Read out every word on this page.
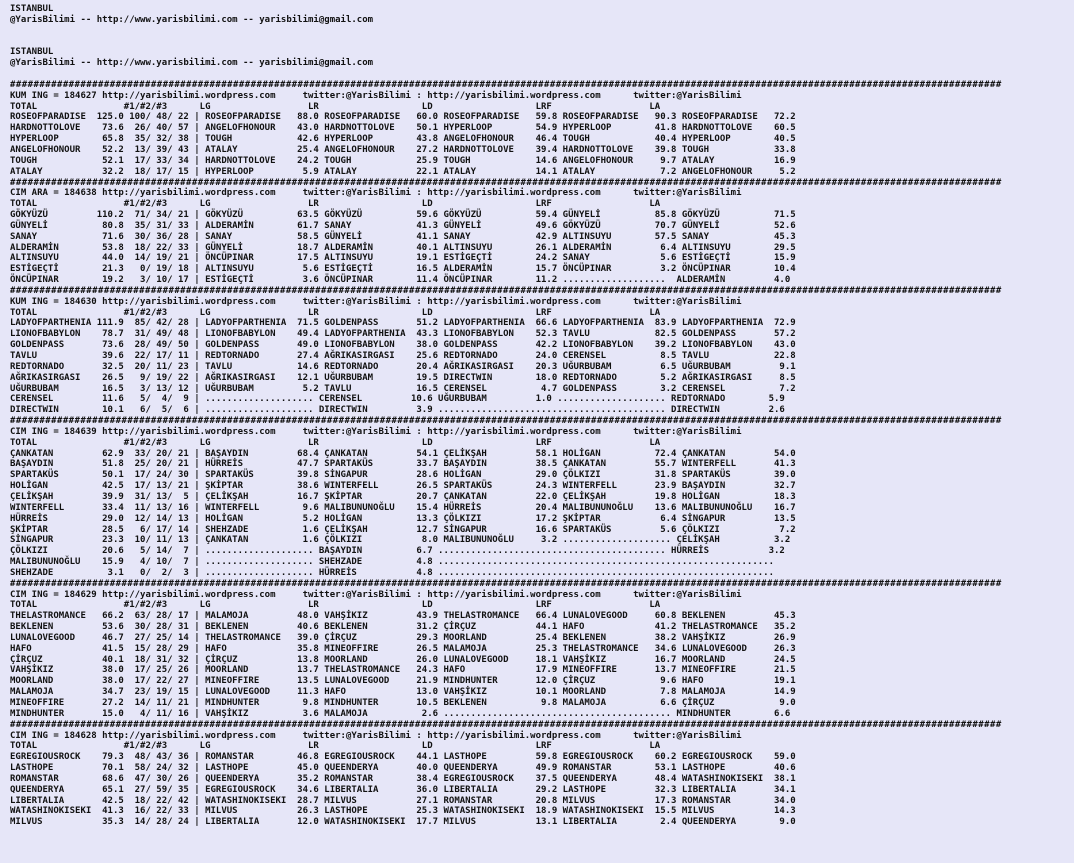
ISTANBUL
@YarisBilimi -- http://www.yarisbilimi.com -- yarisbilimi@gmail.com
ISTANBUL
@YarisBilimi -- http://www.yarisbilimi.com -- yarisbilimi@gmail.com
#########################################################################################################################################################################
KUM ING = 184627 http://yarisbilimi.wordpress.com     twitter:@YarisBilimi : http://yarisbilimi.wordpress.com      twitter:@YarisBilimi
TOTAL                #1/#2/#3      LG                  LR                   LD                   LRF                  LA
ROSEOFPARADISE  125.0 100/ 48/ 22 | ROSEOFPARADISE   88.0 ROSEOFPARADISE   60.0 ROSEOFPARADISE   59.8 ROSEOFPARADISE   90.3 ROSEOFPARADISE   72.2
HARDNOTTOLOVE    73.6  26/ 40/ 57 | ANGELOFHONOUR    43.0 HARDNOTTOLOVE    50.1 HYPERLOOP        54.9 HYPERLOOP        41.8 HARDNOTTOLOVE    60.5
HYPERLOOP        65.8  35/ 32/ 38 | TOUGH            42.6 HYPERLOOP        43.8 ANGELOFHONOUR    46.4 TOUGH            40.4 HYPERLOOP        40.5
ANGELOFHONOUR    52.2  13/ 39/ 43 | ATALAY           25.4 ANGELOFHONOUR    27.2 HARDNOTTOLOVE    39.4 HARDNOTTOLOVE    39.8 TOUGH            33.8
TOUGH            52.1  17/ 33/ 34 | HARDNOTTOLOVE    24.2 TOUGH            25.9 TOUGH            14.6 ANGELOFHONOUR     9.7 ATALAY           16.9
ATALAY           32.2  18/ 17/ 15 | HYPERLOOP         5.9 ATALAY           22.1 ATALAY           14.1 ATALAY            7.2 ANGELOFHONOUR     5.2
#########################################################################################################################################################################
CIM ARA = 184638 http://yarisbilimi.wordpress.com     twitter:@YarisBilimi : http://yarisbilimi.wordpress.com      twitter:@YarisBilimi
TOTAL                #1/#2/#3      LG                  LR                   LD                   LRF                  LA
GÖKYÜZÜ         110.2  71/ 34/ 21 | GÖKYÜZÜ          63.5 GÖKYÜZÜ          59.6 GÖKYÜZÜ          59.4 GÜNYELİ          85.8 GÖKYÜZÜ          71.5
GÜNYELİ          80.8  35/ 31/ 33 | ALDERAMİN        61.7 SANAY            41.3 GÜNYELİ          49.6 GÖKYÜZÜ          70.7 GÜNYELİ          52.6
SANAY            71.6  30/ 36/ 28 | SANAY            58.5 GÜNYELİ          41.1 SANAY            42.9 ALTINSUYU        57.5 SANAY            45.3
ALDERAMİN        53.8  18/ 22/ 33 | GÜNYELİ          18.7 ALDERAMİN        40.1 ALTINSUYU        26.1 ALDERAMİN         6.4 ALTINSUYU        29.5
ALTINSUYU        44.0  14/ 19/ 21 | ÖNCÜPINAR        17.5 ALTINSUYU        19.1 ESTİGEÇTİ        24.2 SANAY             5.6 ESTİGEÇTİ        15.9
ESTİGEÇTİ        21.3   0/ 19/ 18 | ALTINSUYU         5.6 ESTİGEÇTİ        16.5 ALDERAMİN        15.7 ÖNCÜPINAR         3.2 ÖNCÜPINAR        10.4
ÖNCÜPINAR        19.2   3/ 10/ 17 | ESTİGEÇTİ         3.6 ÖNCÜPINAR        11.4 ÖNCÜPINAR        11.2 ...................  ALDERAMİN         4.0
#########################################################################################################################################################################
KUM ING = 184630 http://yarisbilimi.wordpress.com     twitter:@YarisBilimi : http://yarisbilimi.wordpress.com      twitter:@YarisBilimi
TOTAL                #1/#2/#3      LG                  LR                   LD                   LRF                  LA
LADYOFPARTHENIA 111.9  85/ 42/ 28 | LADYOFPARTHENIA  71.5 GOLDENPASS       51.2 LADYOFPARTHENIA  66.6 LADYOFPARTHENIA  83.9 LADYOFPARTHENIA  72.9
LIONOFBABYLON    78.7  31/ 49/ 48 | LIONOFBABYLON    49.4 LADYOFPARTHENIA  43.3 LIONOFBABYLON    52.3 TAVLU            82.5 GOLDENPASS       57.2
GOLDENPASS       73.6  28/ 49/ 50 | GOLDENPASS       49.0 LIONOFBABYLON    38.0 GOLDENPASS       42.2 LIONOFBABYLON    39.2 LIONOFBABYLON    43.0
TAVLU            39.6  22/ 17/ 11 | REDTORNADO       27.4 AĞRIKASIRGASI    25.6 REDTORNADO       24.0 CERENSEL          8.5 TAVLU            22.8
REDTORNADO       32.5  20/ 11/ 23 | TAVLU            14.6 REDTORNADO       20.4 AĞRIKASIRGASI    20.3 UĞURBUBAM         6.5 UĞURBUBAM         9.1
AĞRIKASIRGASI    26.5   9/ 19/ 22 | AĞRIKASIRGASI    12.1 UĞURBUBAM        19.5 DIRECTWIN        18.0 REDTORNADO        5.2 AĞRIKASIRGASI     8.5
UĞURBUBAM        16.5   3/ 13/ 12 | UĞURBUBAM         5.2 TAVLU            16.5 CERENSEL          4.7 GOLDENPASS        3.2 CERENSEL          7.2
CERENSEL         11.6   5/  4/  9 | .................... CERENSEL         10.6 UĞURBUBAM         1.0 .................... REDTORNADO        5.9
DIRECTWIN        10.1   6/  5/  6 | .................... DIRECTWIN         3.9 .......................................... DIRECTWIN         2.6
#########################################################################################################################################################################
CIM ING = 184639 http://yarisbilimi.wordpress.com     twitter:@YarisBilimi : http://yarisbilimi.wordpress.com      twitter:@YarisBilimi
TOTAL                #1/#2/#3      LG                  LR                   LD                   LRF                  LA
ÇANKATAN         62.9  33/ 20/ 21 | BAŞAYDIN         68.4 ÇANKATAN         54.1 ÇELİKŞAH         58.1 HOLİGAN          72.4 ÇANKATAN         54.0
BAŞAYDIN         51.8  25/ 20/ 21 | HÜRREİS          47.7 SPARTAKÜS        33.7 BAŞAYDIN         38.5 ÇANKATAN         55.7 WINTERFELL       41.3
SPARTAKÜS        50.1  17/ 24/ 30 | SPARTAKÜS        39.8 SİNGAPUR         28.6 HOLİGAN          29.0 ÇÖLKIZI          31.8 SPARTAKÜS        39.0
HOLİGAN          42.5  17/ 13/ 21 | ŞKİPTAR          38.6 WINTERFELL       26.5 SPARTAKÜS        24.3 WINTERFELL       23.9 BAŞAYDIN         32.7
ÇELİKŞAH         39.9  31/ 13/  5 | ÇELİKŞAH         16.7 ŞKİPTAR          20.7 ÇANKATAN         22.0 ÇELİKŞAH         19.8 HOLİGAN          18.3
WINTERFELL       33.4  11/ 13/ 16 | WINTERFELL        9.6 MALIBUNUNOĞLU    15.4 HÜRREİS          20.4 MALIBUNUNOĞLU    13.6 MALIBUNUNOĞLU    16.7
HÜRREİS          29.0  12/ 14/ 13 | HOLİGAN           5.2 HOLİGAN          13.3 ÇÖLKIZI          17.2 ŞKİPTAR           6.4 SİNGAPUR         13.5
ŞKİPTAR          28.5   6/ 17/ 14 | SHEHZADE          1.6 ÇELİKŞAH         12.7 SİNGAPUR         16.6 SPARTAKÜS         5.6 ÇÖLKIZI           7.2
SİNGAPUR         23.3  10/ 11/ 13 | ÇANKATAN          1.6 ÇÖLKIZI           8.0 MALIBUNUNOĞLU     3.2 .................... ÇELİKŞAH          3.2
ÇÖLKIZI          20.6   5/ 14/  7 | .................... BAŞAYDIN          6.7 .......................................... HÜRREİS           3.2
MALIBUNUNOĞLU    15.9   4/ 10/  7 | .................... SHEHZADE          4.8 ..............................................................
SHEHZADE          3.1   0/  2/  3 | .................... HÜRREİS           4.8 ..............................................................
#########################################################################################################################################################################
CIM ING = 184629 http://yarisbilimi.wordpress.com     twitter:@YarisBilimi : http://yarisbilimi.wordpress.com      twitter:@YarisBilimi
TOTAL                #1/#2/#3      LG                  LR                   LD                   LRF                  LA
THELASTROMANCE   66.2  63/ 28/ 17 | MALAMOJA         48.0 VAHŞİKIZ         43.9 THELASTROMANCE   66.4 LUNALOVEGOOD     60.8 BEKLENEN         45.3
BEKLENEN         53.6  30/ 28/ 31 | BEKLENEN         40.6 BEKLENEN         31.2 ÇİRÇUZ           44.1 HAFO             41.2 THELASTROMANCE   35.2
LUNALOVEGOOD     46.7  27/ 25/ 14 | THELASTROMANCE   39.0 ÇİRÇUZ           29.3 MOORLAND         25.4 BEKLENEN         38.2 VAHŞİKIZ         26.9
HAFO             41.5  15/ 28/ 29 | HAFO             35.8 MINEOFFIRE       26.5 MALAMOJA         25.3 THELASTROMANCE   34.6 LUNALOVEGOOD     26.3
ÇİRÇUZ           40.1  18/ 31/ 32 | ÇİRÇUZ           13.8 MOORLAND         26.0 LUNALOVEGOOD     18.1 VAHŞİKIZ         16.7 MOORLAND         24.5
VAHŞİKIZ         38.0  17/ 25/ 26 | MOORLAND         13.7 THELASTROMANCE   24.3 HAFO             17.9 MINEOFFIRE       13.7 MINEOFFIRE       21.5
MOORLAND         38.0  17/ 22/ 27 | MINEOFFIRE       13.5 LUNALOVEGOOD     21.9 MINDHUNTER       12.0 ÇİRÇUZ            9.6 HAFO             19.1
MALAMOJA         34.7  23/ 19/ 15 | LUNALOVEGOOD     11.3 HAFO             13.0 VAHŞİKIZ         10.1 MOORLAND          7.8 MALAMOJA         14.9
MINEOFFIRE       27.2  14/ 11/ 21 | MINDHUNTER        9.8 MINDHUNTER       10.5 BEKLENEN          9.8 MALAMOJA          6.6 ÇİRÇUZ            9.0
MINDHUNTER       15.0   4/ 11/ 16 | VAHŞİKIZ          3.6 MALAMOJA          2.6 .......................................... MINDHUNTER        6.6
#########################################################################################################################################################################
CIM ING = 184628 http://yarisbilimi.wordpress.com     twitter:@YarisBilimi : http://yarisbilimi.wordpress.com      twitter:@YarisBilimi
TOTAL                #1/#2/#3      LG                  LR                   LD                   LRF                  LA
EGREGIOUSROCK    79.3  48/ 43/ 36 | ROMANSTAR        46.8 EGREGIOUSROCK    44.1 LASTHOPE         59.8 EGREGIOUSROCK    60.2 EGREGIOUSROCK    59.0
LASTHOPE         70.1  58/ 24/ 32 | LASTHOPE         45.0 QUEENDERYA       40.0 QUEENDERYA       49.9 ROMANSTAR        53.1 LASTHOPE         40.6
ROMANSTAR        68.6  47/ 30/ 26 | QUEENDERYA       35.2 ROMANSTAR        38.4 EGREGIOUSROCK    37.5 QUEENDERYA       48.4 WATASHINOKISEKI  38.1
QUEENDERYA       65.1  27/ 59/ 35 | EGREGIOUSROCK    34.6 LIBERTALIA       36.0 LIBERTALIA       29.2 LASTHOPE         32.3 LIBERTALIA       34.1
LIBERTALIA       42.5  18/ 22/ 42 | WATASHINOKISEKI  28.7 MILVUS           27.1 ROMANSTAR        20.8 MILVUS           17.3 ROMANSTAR        34.0
WATASHINOKISEKI  41.3  16/ 22/ 33 | MILVUS           26.3 LASTHOPE         25.3 WATASHINOKISEKI  18.9 WATASHINOKISEKI  15.5 MILVUS           14.3
MILVUS           35.3  14/ 28/ 24 | LIBERTALIA       12.0 WATASHINOKISEKI  17.7 MILVUS           13.1 LIBERTALIA        2.4 QUEENDERYA        9.0
